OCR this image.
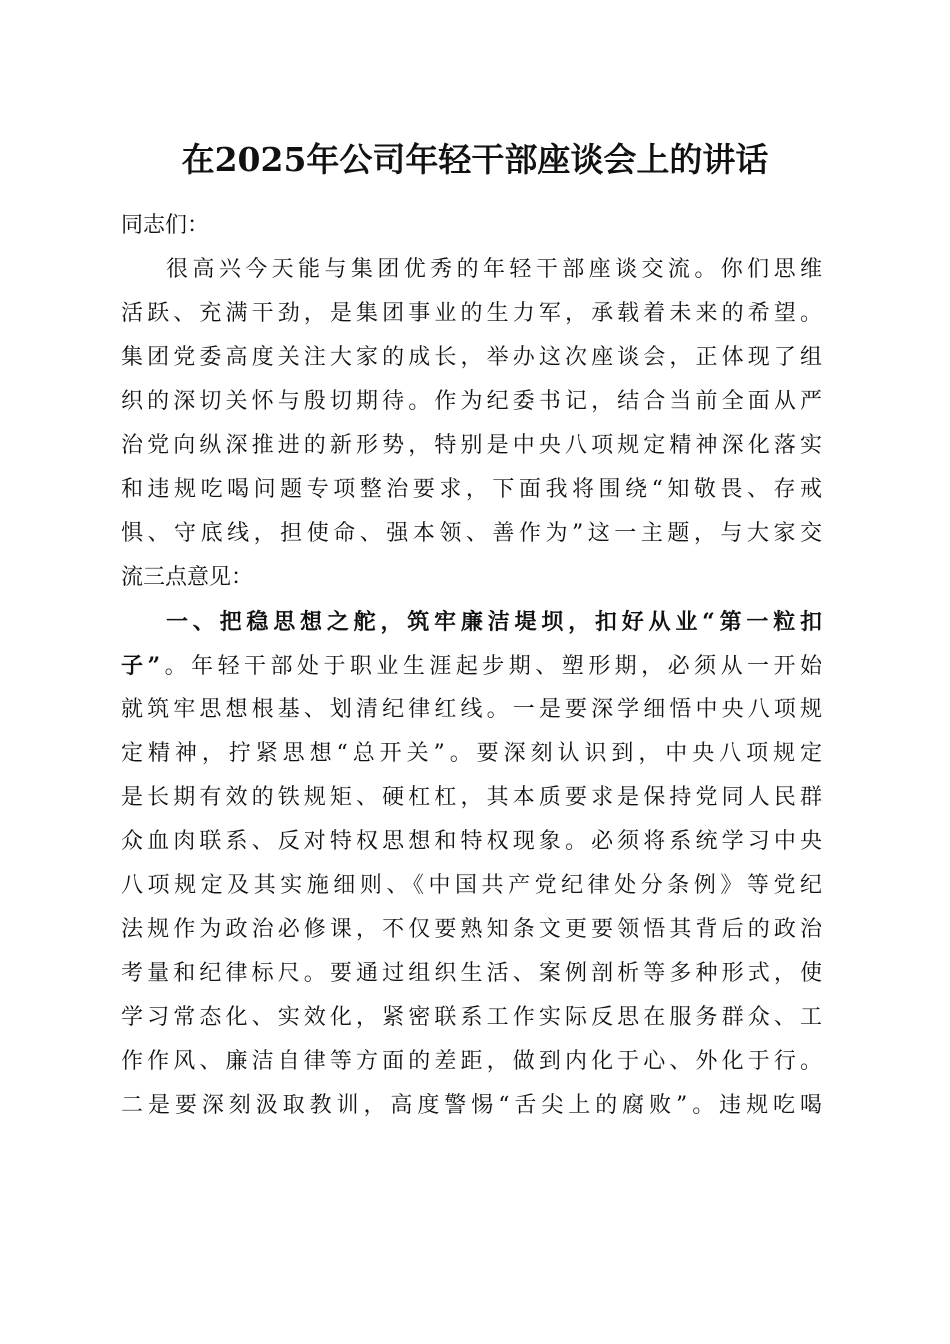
在2025年公司年轻干部座谈会上的讲话
同志们：
很高兴今天能与集团优秀的年轻干部座谈交流。你们思维
活跃、充满干劲，是集团事业的生力军，承载着未来的希望。
集团党委高度关注大家的成长，举办这次座谈会，正体现了组
织的深切关怀与殷切期待。作为纪委书记，结合当前全面从严
治党向纵深推进的新形势，特别是中央八项规定精神深化落实
和违规吃喝问题专项整治要求，下面我将围绕“知敬畏、存戒
惧、守底线，担使命、强本领、善作为”这一主题，与大家交
流三点意见：
一、把稳思想之舵，筑牢廉洁堤坝，扣好从业“第一粒扣
子”。年轻干部处于职业生涯起步期、塑形期，必须从一开始
就筑牢思想根基、划清纪律红线。一是要深学细悟中央八项规
定精神，拧紧思想“总开关”。要深刻认识到，中央八项规定
是长期有效的铁规矩、硬杠杠，其本质要求是保持党同人民群
众血肉联系、反对特权思想和特权现象。必须将系统学习中央
八项规定及其实施细则、《中国共产党纪律处分条例》等党纪
法规作为政治必修课，不仅要熟知条文更要领悟其背后的政治
考量和纪律标尺。要通过组织生活、案例剖析等多种形式，使
学习常态化、实效化，紧密联系工作实际反思在服务群众、工
作作风、廉洁自律等方面的差距，做到内化于心、外化于行。
二是要深刻汲取教训，高度警惕“舌尖上的腐败”。违规吃喝
